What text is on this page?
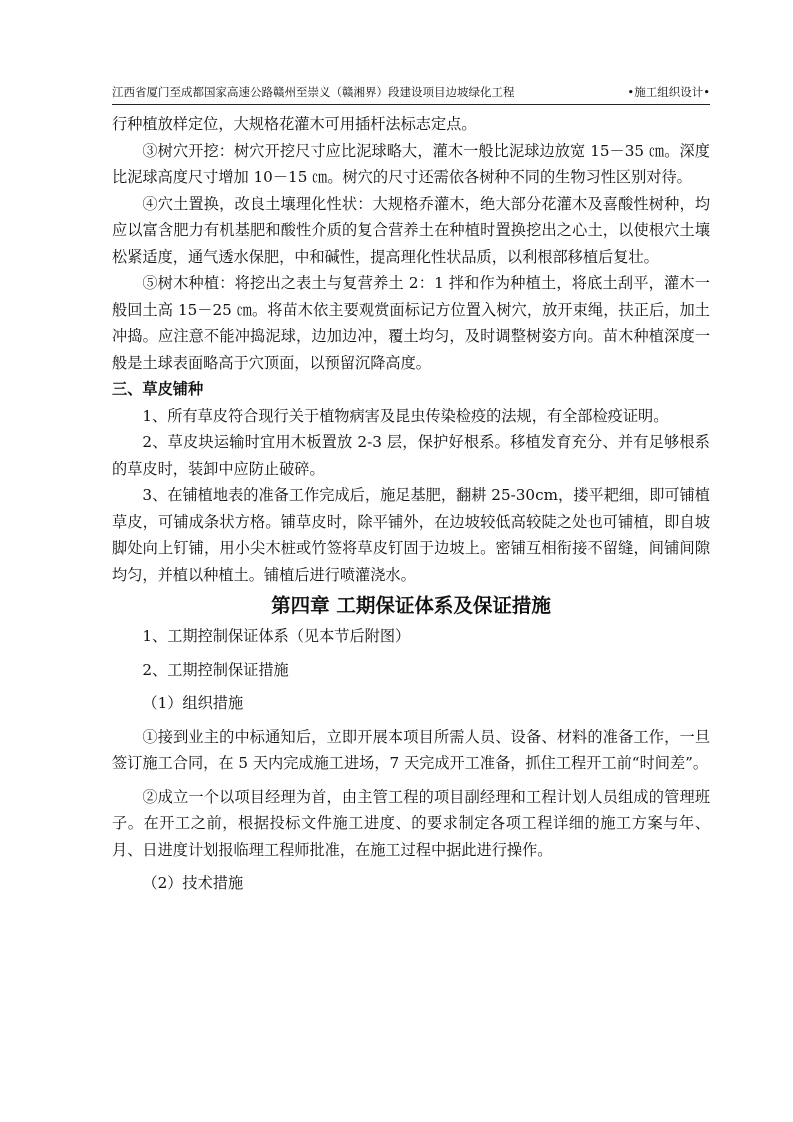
江西省厦门至成都国家高速公路赣州至崇义（赣湘界）段建设项目边坡绿化工程	•施工组织设计•

行种植放样定位，大规格花灌木可用插杆法标志定点。

③树穴开挖：树穴开挖尺寸应比泥球略大，灌木一般比泥球边放宽 15－35 ㎝。深度比泥球高度尺寸增加 10－15 ㎝。树穴的尺寸还需依各树种不同的生物习性区别对待。

④穴土置换，改良土壤理化性状：大规格乔灌木，绝大部分花灌木及喜酸性树种，均应以富含肥力有机基肥和酸性介质的复合营养土在种植时置换挖出之心土，以使根穴土壤松紧适度，通气透水保肥，中和碱性，提高理化性状品质，以利根部移植后复壮。

⑤树木种植：将挖出之表土与复营养土 2：1 拌和作为种植土，将底土刮平，灌木一般回土高 15－25 ㎝。将苗木依主要观赏面标记方位置入树穴，放开束绳，扶正后，加土冲捣。应注意不能冲捣泥球，边加边冲，覆土均匀，及时调整树姿方向。苗木种植深度一般是土球表面略高于穴顶面，以预留沉降高度。

三、草皮铺种

1、所有草皮符合现行关于植物病害及昆虫传染检疫的法规，有全部检疫证明。

2、草皮块运输时宜用木板置放 2-3 层，保护好根系。移植发育充分、并有足够根系的草皮时，装卸中应防止破碎。

3、在铺植地表的准备工作完成后，施足基肥，翻耕 25-30cm，搂平耙细，即可铺植草皮，可铺成条状方格。铺草皮时，除平铺外，在边坡较低高较陡之处也可铺植，即自坡脚处向上钉铺，用小尖木桩或竹签将草皮钉固于边坡上。密铺互相衔接不留缝，间铺间隙均匀，并植以种植土。铺植后进行喷灌浇水。

第四章 工期保证体系及保证措施

1、工期控制保证体系（见本节后附图）

2、工期控制保证措施

（1）组织措施

①接到业主的中标通知后，立即开展本项目所需人员、设备、材料的准备工作，一旦签订施工合同，在 5 天内完成施工进场，7 天完成开工准备，抓住工程开工前“时间差”。

②成立一个以项目经理为首，由主管工程的项目副经理和工程计划人员组成的管理班子。在开工之前，根据投标文件施工进度、的要求制定各项工程详细的施工方案与年、月、日进度计划报临理工程师批准，在施工过程中据此进行操作。

（2）技术措施
